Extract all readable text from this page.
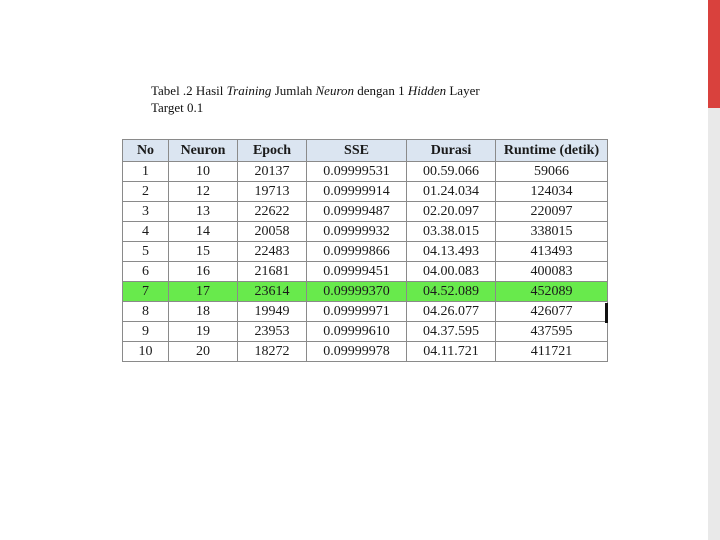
Tabel .2 Hasil Training Jumlah Neuron dengan 1 Hidden Layer
Target 0.1
No	Neuron	Epoch	SSE	Durasi	Runtime (detik)
1	10	20137	0.09999531	00.59.066	59066
2	12	19713	0.09999914	01.24.034	124034
3	13	22622	0.09999487	02.20.097	220097
4	14	20058	0.09999932	03.38.015	338015
5	15	22483	0.09999866	04.13.493	413493
6	16	21681	0.09999451	04.00.083	400083
7	17	23614	0.09999370	04.52.089	452089
8	18	19949	0.09999971	04.26.077	426077
9	19	23953	0.09999610	04.37.595	437595
10	20	18272	0.09999978	04.11.721	411721
